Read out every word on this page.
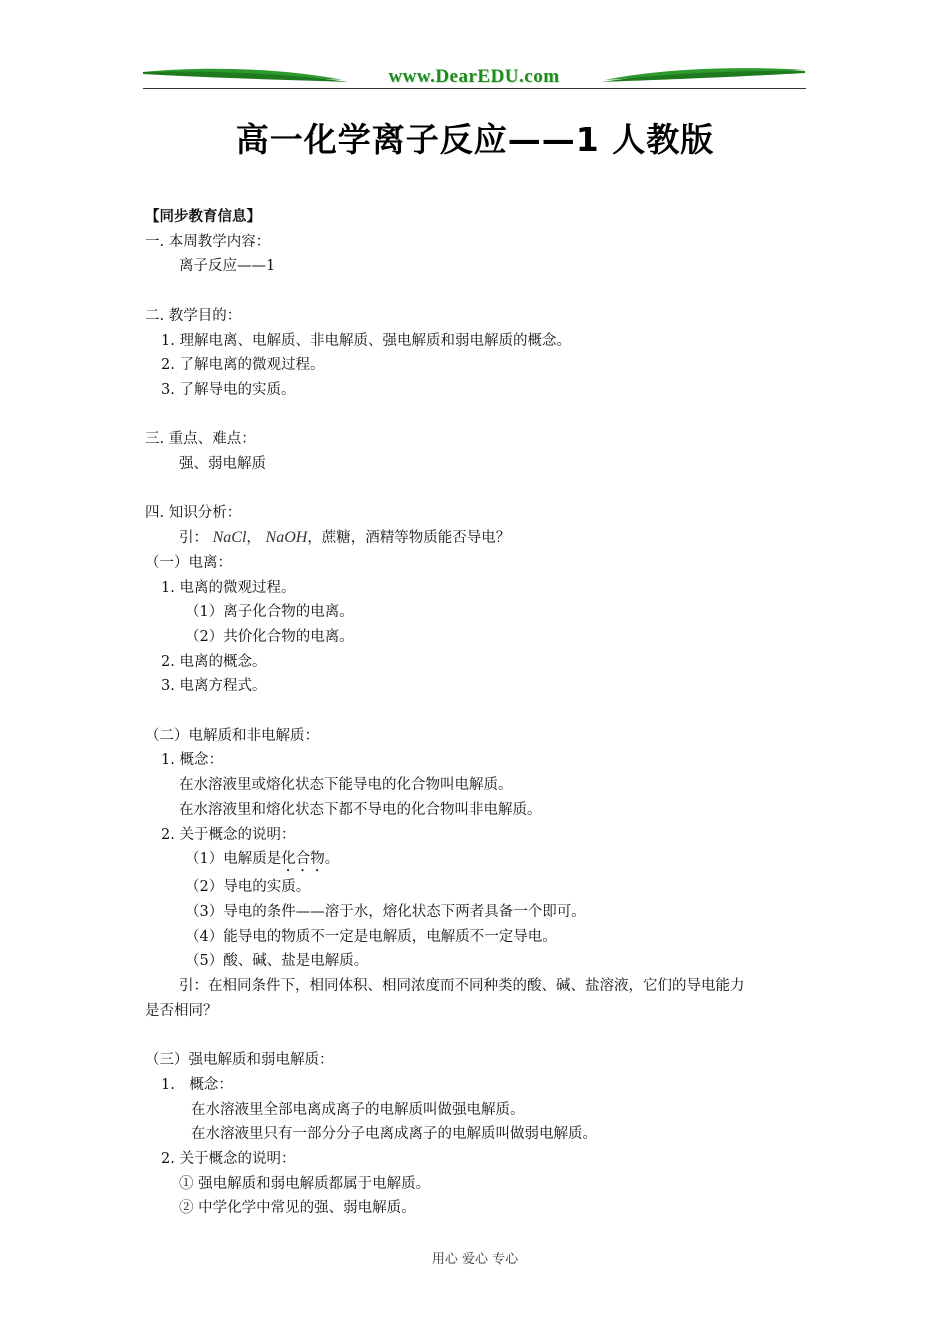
www.DearEDU.com
高一化学离子反应——1 人教版
【同步教育信息】
一. 本周教学内容：
离子反应——1
二. 教学目的：
1. 理解电离、电解质、非电解质、强电解质和弱电解质的概念。
2. 了解电离的微观过程。
3. 了解导电的实质。
三. 重点、难点：
强、弱电解质
四. 知识分析：
引： NaCl， NaOH，蔗糖，酒精等物质能否导电？
（一）电离：
1. 电离的微观过程。
（1）离子化合物的电离。
（2）共价化合物的电离。
2. 电离的概念。
3. 电离方程式。
（二）电解质和非电解质：
1. 概念：
在水溶液里或熔化状态下能导电的化合物叫电解质。
在水溶液里和熔化状态下都不导电的化合物叫非电解质。
2. 关于概念的说明：
（1）电解质是化合物。
（2）导电的实质。
（3）导电的条件——溶于水，熔化状态下两者具备一个即可。
（4）能导电的物质不一定是电解质，电解质不一定导电。
（5）酸、碱、盐是电解质。
引：在相同条件下，相同体积、相同浓度而不同种类的酸、碱、盐溶液，它们的导电能力
是否相同？
（三）强电解质和弱电解质：
1.　概念：
在水溶液里全部电离成离子的电解质叫做强电解质。
在水溶液里只有一部分分子电离成离子的电解质叫做弱电解质。
2. 关于概念的说明：
① 强电解质和弱电解质都属于电解质。
② 中学化学中常见的强、弱电解质。
用心 爱心 专心
